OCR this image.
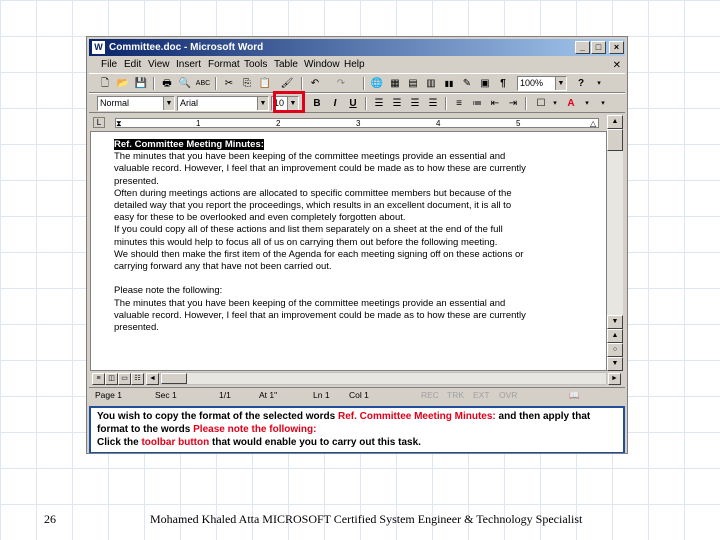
W Committee.doc - Microsoft Word	_	□	×
File Edit View Insert Format Tools Table Window Help	✕
🗋 📂 💾	🖶 🔍 ABC	✂ ⎘ 📋 🖌	↶	↷	🌐 ▦ ▤ ▥	▮▮ ✎ ▣	¶	100%	▼	?	▾
Normal	▼ Arial	▼ 10 ▼	B	I	U	☰ ☰ ☰ ☰	≡	≔ ⇤ ⇥	☐	▾	A	▾	▾
L	⧗	1	2	3	4	5	△

Ref. Committee Meeting Minutes:

The minutes that you have been keeping of the committee meetings provide an essential and

valuable record. However, I feel that an improvement could be made as to how these are currently

presented.

Often during meetings actions are allocated to specific committee members but because of the

detailed way that you report the proceedings, which results in an excellent document, it is all to

easy for these to be overlooked and even completely forgotten about.

If you could copy all of these actions and list them separately on a sheet at the end of the full

minutes this would help to focus all of us on carrying them out before the following meeting.

We should then make the first item of the Agenda for each meeting signing off on these actions or

carrying forward any that have not been carried out.

Please note the following:

The minutes that you have been keeping of the committee meetings provide an essential and

valuable record. However, I feel that an improvement could be made as to how these are currently

presented.

▲
▼
▲
○
▼
≡	◫ ▭ ☷	◄	►
Page 1	Sec 1	1/1	At 1"	Ln 1 Col 1	REC TRK EXT OVR	📖
You wish to copy the format of the selected words Ref. Committee Meeting Minutes: and then apply that format to the words Please note the following:
Click the toolbar button that would enable you to carry out this task.
26	Mohamed Khaled Atta MICROSOFT Certified System Engineer & Technology Specialist
